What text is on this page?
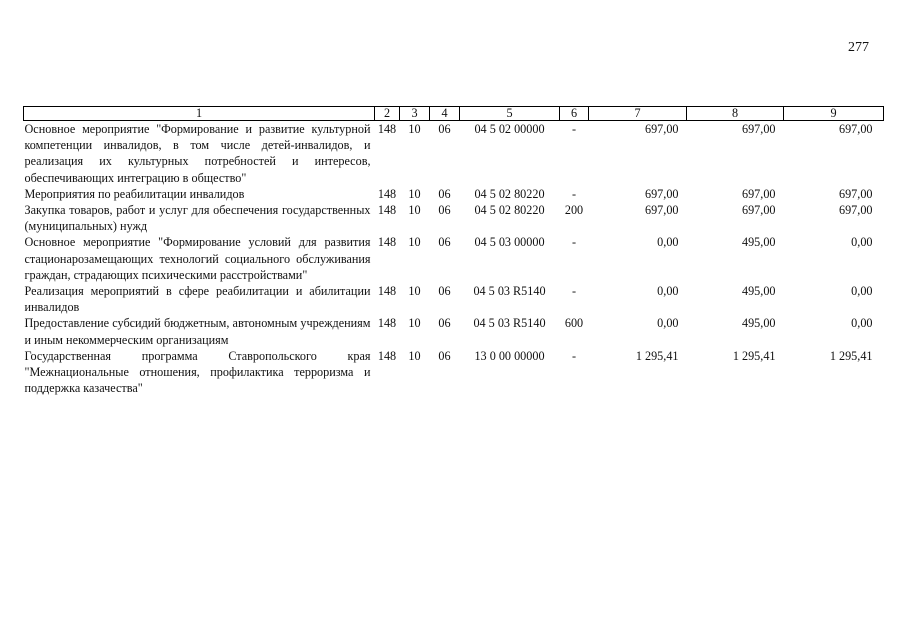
277
1	2	3	4	5	6	7	8	9
Основное мероприятие "Формирование и развитие культурной компетенции инвалидов, в том числе детей-инвалидов, и реализация их культурных потребностей и интересов, обеспечивающих интеграцию в общество"	148	10	06	04 5 02 00000	-	697,00	697,00	697,00
Мероприятия по реабилитации инвалидов	148	10	06	04 5 02 80220	-	697,00	697,00	697,00
Закупка товаров, работ и услуг для обеспечения государственных (муниципальных) нужд	148	10	06	04 5 02 80220	200	697,00	697,00	697,00
Основное мероприятие "Формирование условий для развития стационарозамещающих технологий социального обслуживания граждан, страдающих психическими расстройствами"	148	10	06	04 5 03 00000	-	0,00	495,00	0,00
Реализация мероприятий в сфере реабилитации и абилитации инвалидов	148	10	06	04 5 03 R5140	-	0,00	495,00	0,00
Предоставление субсидий бюджетным, автономным учреждениям и иным некоммерческим организациям	148	10	06	04 5 03 R5140	600	0,00	495,00	0,00
Государственная программа Ставропольского края "Межнациональные отношения, профилактика терроризма и поддержка казачества"	148	10	06	13 0 00 00000	-	1 295,41	1 295,41	1 295,41
